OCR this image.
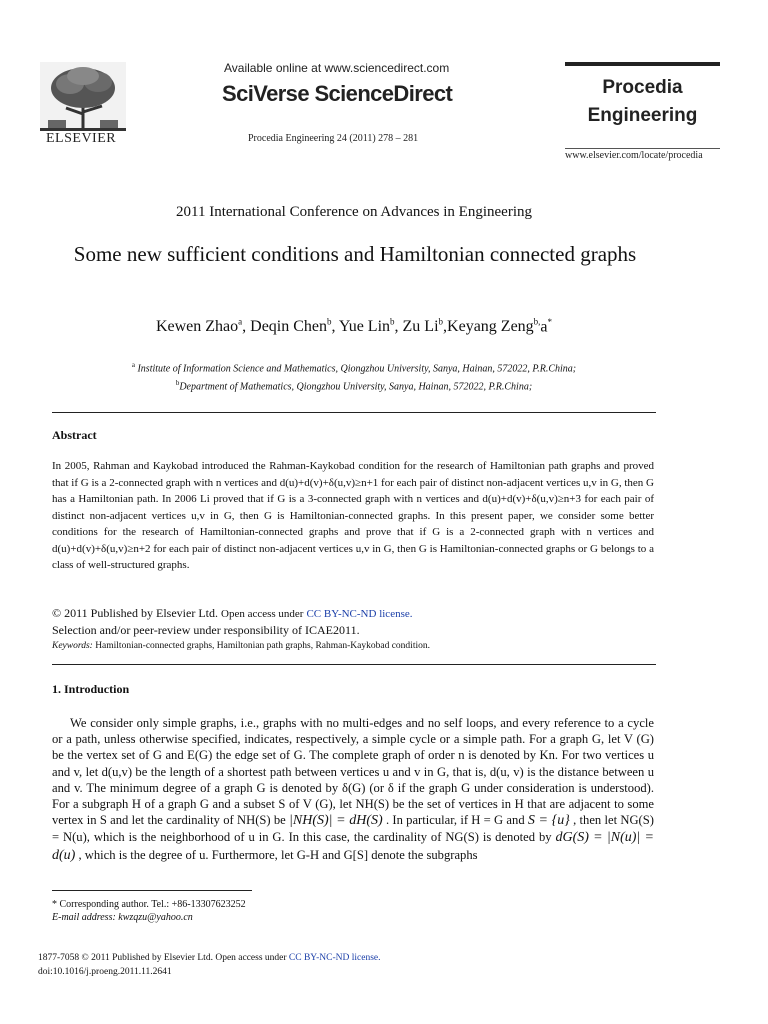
ELSEVIER
Available online at www.sciencedirect.com
SciVerse ScienceDirect
Procedia Engineering 24 (2011) 278 – 281
Procedia
Engineering
www.elsevier.com/locate/procedia
2011 International Conference on Advances in Engineering
Some new sufficient conditions and Hamiltonian connected graphs
Kewen Zhao$^a$, Deqin Chen$^b$, Yue Lin$^b$, Zu Li$^b$,Keyang Zeng$^{b,}$a*
$^a$ Institute of Information Science and Mathematics, Qiongzhou University, Sanya, Hainan, 572022, P.R.China;
$^b$Department of Mathematics, Qiongzhou University, Sanya, Hainan, 572022, P.R.China;
Abstract
In 2005, Rahman and Kaykobad introduced the Rahman-Kaykobad condition for the research of Hamiltonian path graphs and proved that if G is a 2-connected graph with n vertices and d(u)+d(v)+δ(u,v)≥n+1 for each pair of distinct non-adjacent vertices u,v in G, then G has a Hamiltonian path. In 2006 Li proved that if G is a 3-connected graph with n vertices and d(u)+d(v)+δ(u,v)≥n+3 for each pair of distinct non-adjacent vertices u,v in G, then G is Hamiltonian-connected graphs. In this present paper, we consider some better conditions for the research of Hamiltonian-connected graphs and prove that if G is a 2-connected graph with n vertices and d(u)+d(v)+δ(u,v)≥n+2 for each pair of distinct non-adjacent vertices u,v in G, then G is Hamiltonian-connected graphs or G belongs to a class of well-structured graphs.
© 2011 Published by Elsevier Ltd. Open access under CC BY-NC-ND license.
Selection and/or peer-review under responsibility of ICAE2011.
Keywords: Hamiltonian-connected graphs, Hamiltonian path graphs, Rahman-Kaykobad condition.
1. Introduction

We consider only simple graphs, i.e., graphs with no multi-edges and no self loops, and every reference to a cycle or a path, unless otherwise specified, indicates, respectively, a simple cycle or a simple path. For a graph G, let V (G) be the vertex set of G and E(G) the edge set of G. The complete graph of order n is denoted by Kn. For two vertices u and v, let d(u,v) be the length of a shortest path between vertices u and v in G, that is, d(u, v) is the distance between u and v. The minimum degree of a graph G is denoted by δ(G) (or δ if the graph G under consideration is understood). For a subgraph H of a graph G and a subset S of V (G), let NH(S) be the set of vertices in H that are adjacent to some vertex in S and let the cardinality of NH(S) be |NH(S)| = dH(S) . In particular, if H = G and S = {u} , then let NG(S) = N(u), which is the neighborhood of u in G. In this case, the cardinality of NG(S) is denoted by dG(S) = |N(u)| = d(u) , which is the degree of u. Furthermore, let G-H and G[S] denote the subgraphs

* Corresponding author. Tel.: +86-13307623252
E-mail address: kwzqzu@yahoo.cn
1877-7058 © 2011 Published by Elsevier Ltd. Open access under CC BY-NC-ND license.
doi:10.1016/j.proeng.2011.11.2641
